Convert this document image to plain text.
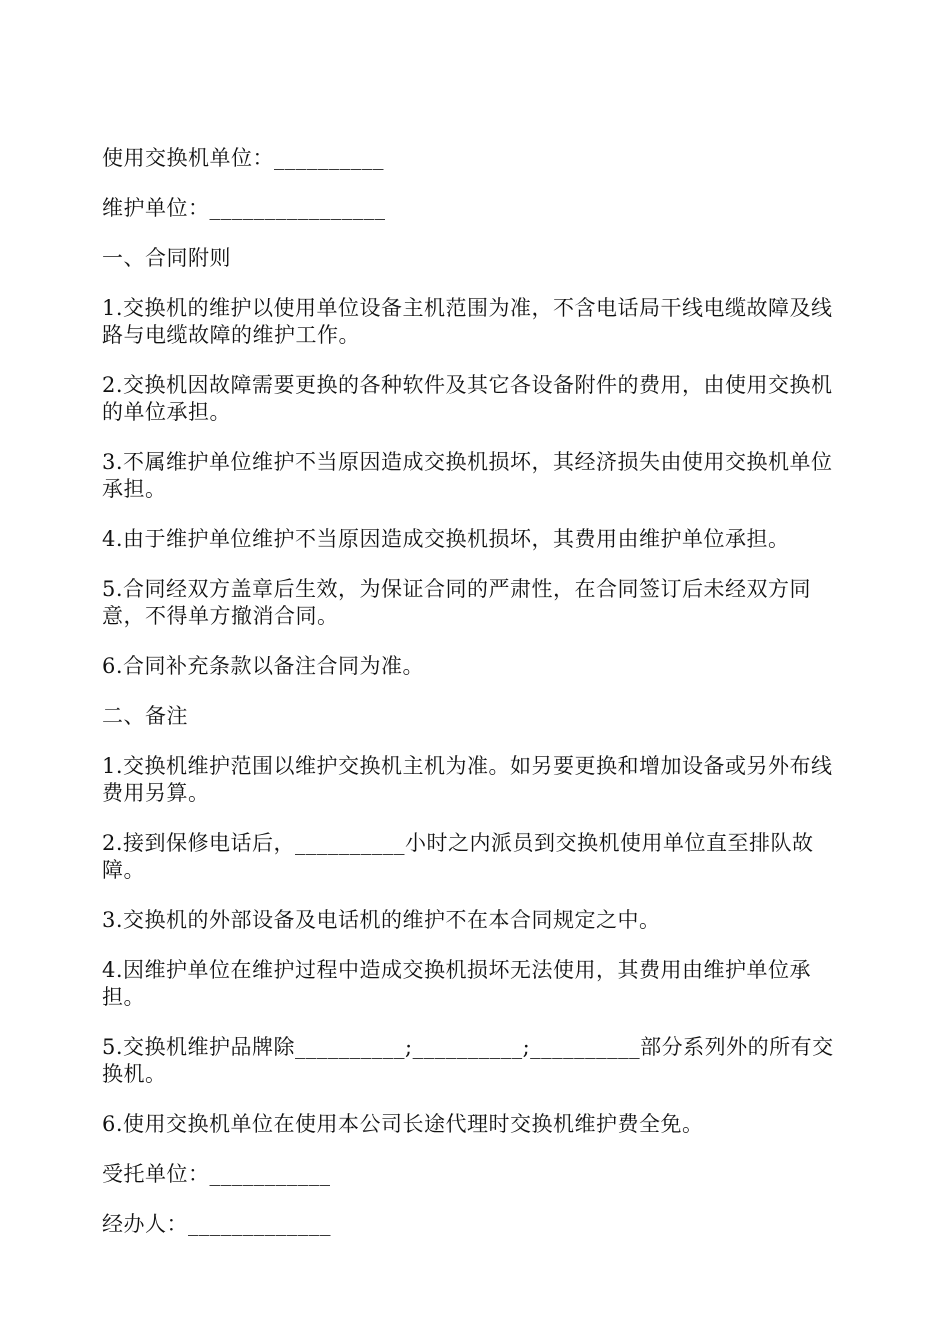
使用交换机单位：__________

维护单位：________________

一、合同附则

1.交换机的维护以使用单位设备主机范围为准，不含电话局干线电缆故障及线路与电缆故障的维护工作。

2.交换机因故障需要更换的各种软件及其它各设备附件的费用，由使用交换机的单位承担。

3.不属维护单位维护不当原因造成交换机损坏，其经济损失由使用交换机单位承担。

4.由于维护单位维护不当原因造成交换机损坏，其费用由维护单位承担。

5.合同经双方盖章后生效，为保证合同的严肃性，在合同签订后未经双方同意，不得单方撤消合同。

6.合同补充条款以备注合同为准。

二、备注

1.交换机维护范围以维护交换机主机为准。如另要更换和增加设备或另外布线费用另算。

2.接到保修电话后，__________小时之内派员到交换机使用单位直至排队故障。

3.交换机的外部设备及电话机的维护不在本合同规定之中。

4.因维护单位在维护过程中造成交换机损坏无法使用，其费用由维护单位承担。

5.交换机维护品牌除__________;__________;__________部分系列外的所有交换机。

6.使用交换机单位在使用本公司长途代理时交换机维护费全免。

受托单位：___________

经办人：_____________
